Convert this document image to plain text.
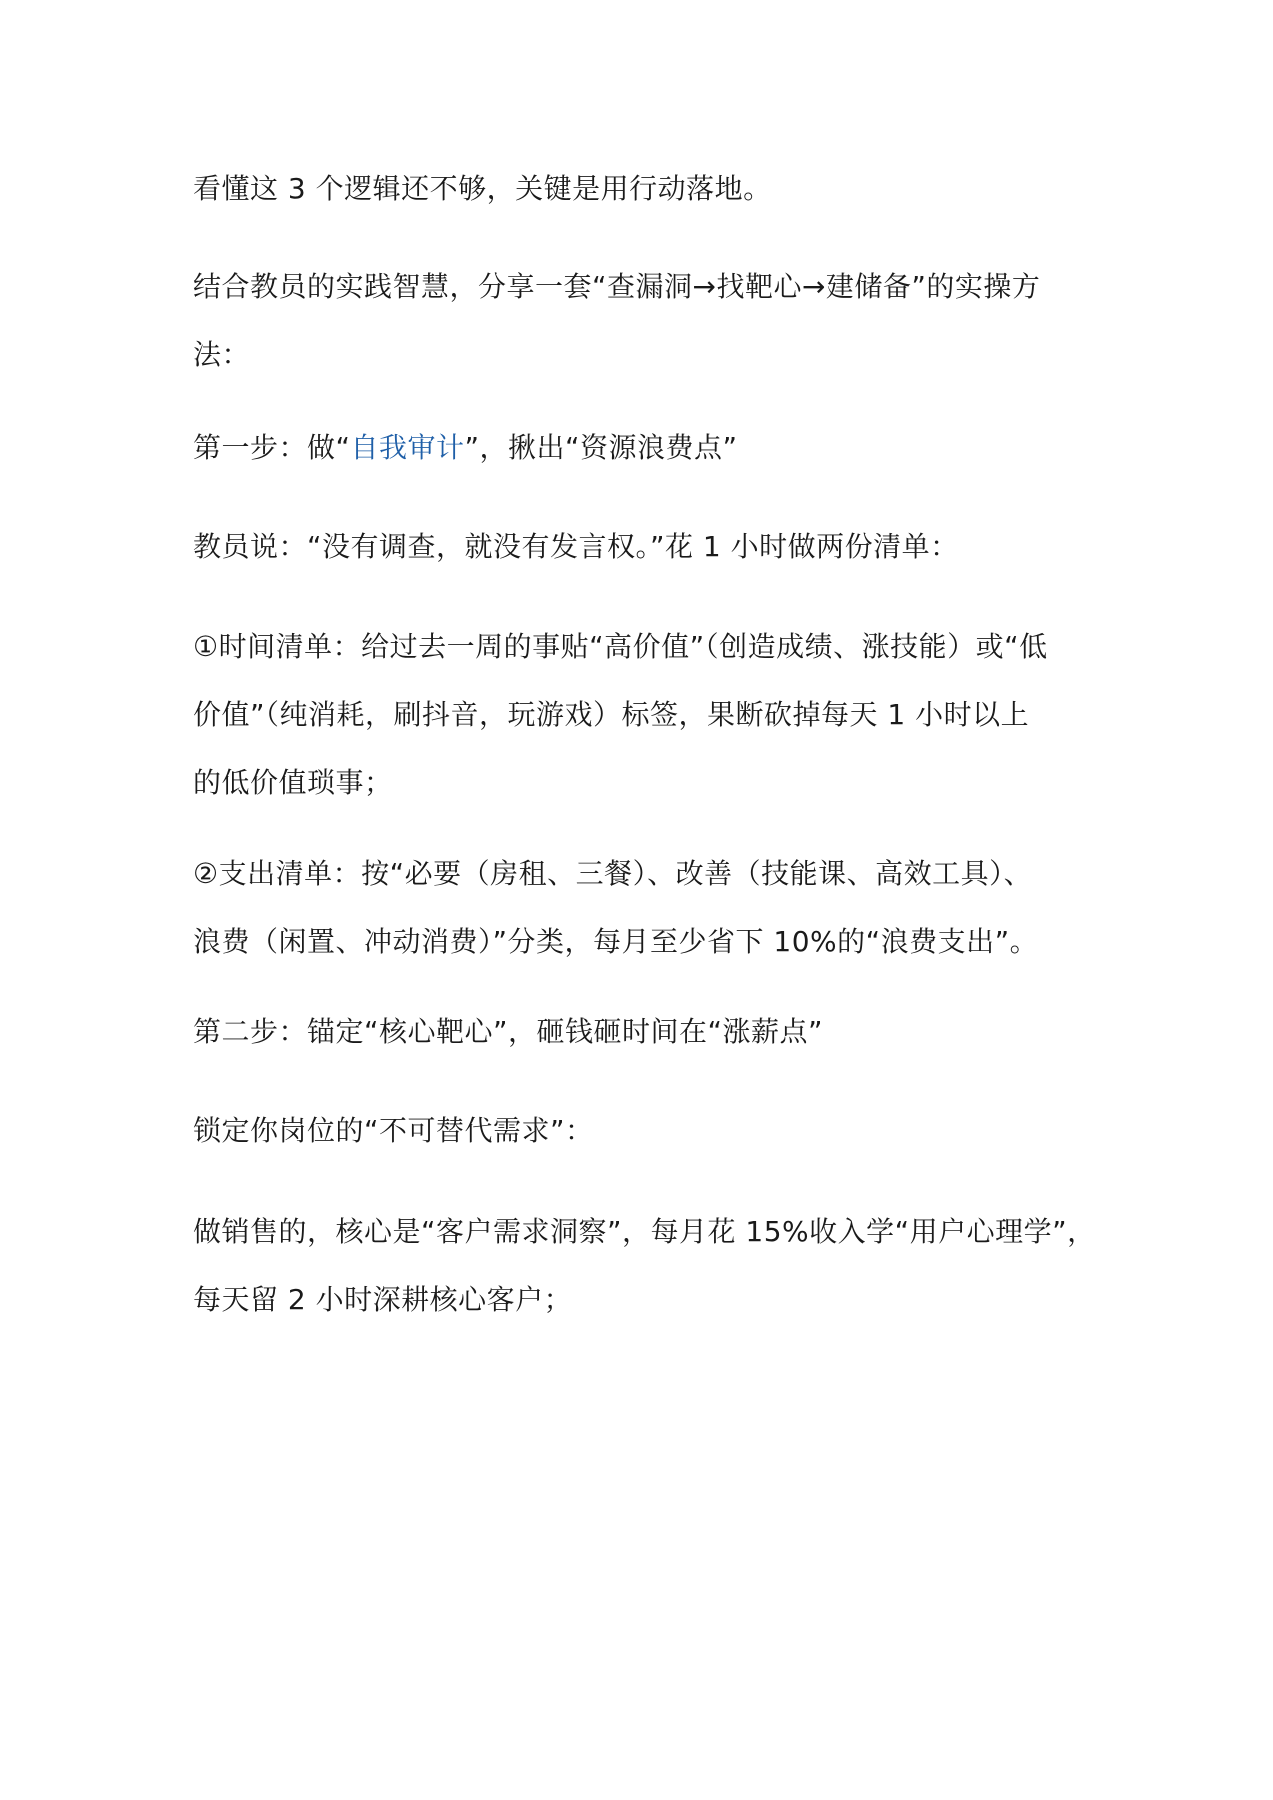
看懂这 3 个逻辑还不够，关键是用行动落地。

结合教员的实践智慧，分享一套“查漏洞→找靶心→建储备”的实操方
法：

第一步：做“自我审计”，揪出“资源浪费点”

教员说：“没有调查，就没有发言权。”花 1 小时做两份清单：

①时间清单：给过去一周的事贴“高价值”（创造成绩、涨技能）或“低
价值”（纯消耗，刷抖音，玩游戏）标签，果断砍掉每天 1 小时以上
的低价值琐事；

②支出清单：按“必要（房租、三餐）、改善（技能课、高效工具）、
浪费（闲置、冲动消费）”分类，每月至少省下 10%的“浪费支出”。

第二步：锚定“核心靶心”，砸钱砸时间在“涨薪点”

锁定你岗位的“不可替代需求”：

做销售的，核心是“客户需求洞察”，每月花 15%收入学“用户心理学”，
每天留 2 小时深耕核心客户；
